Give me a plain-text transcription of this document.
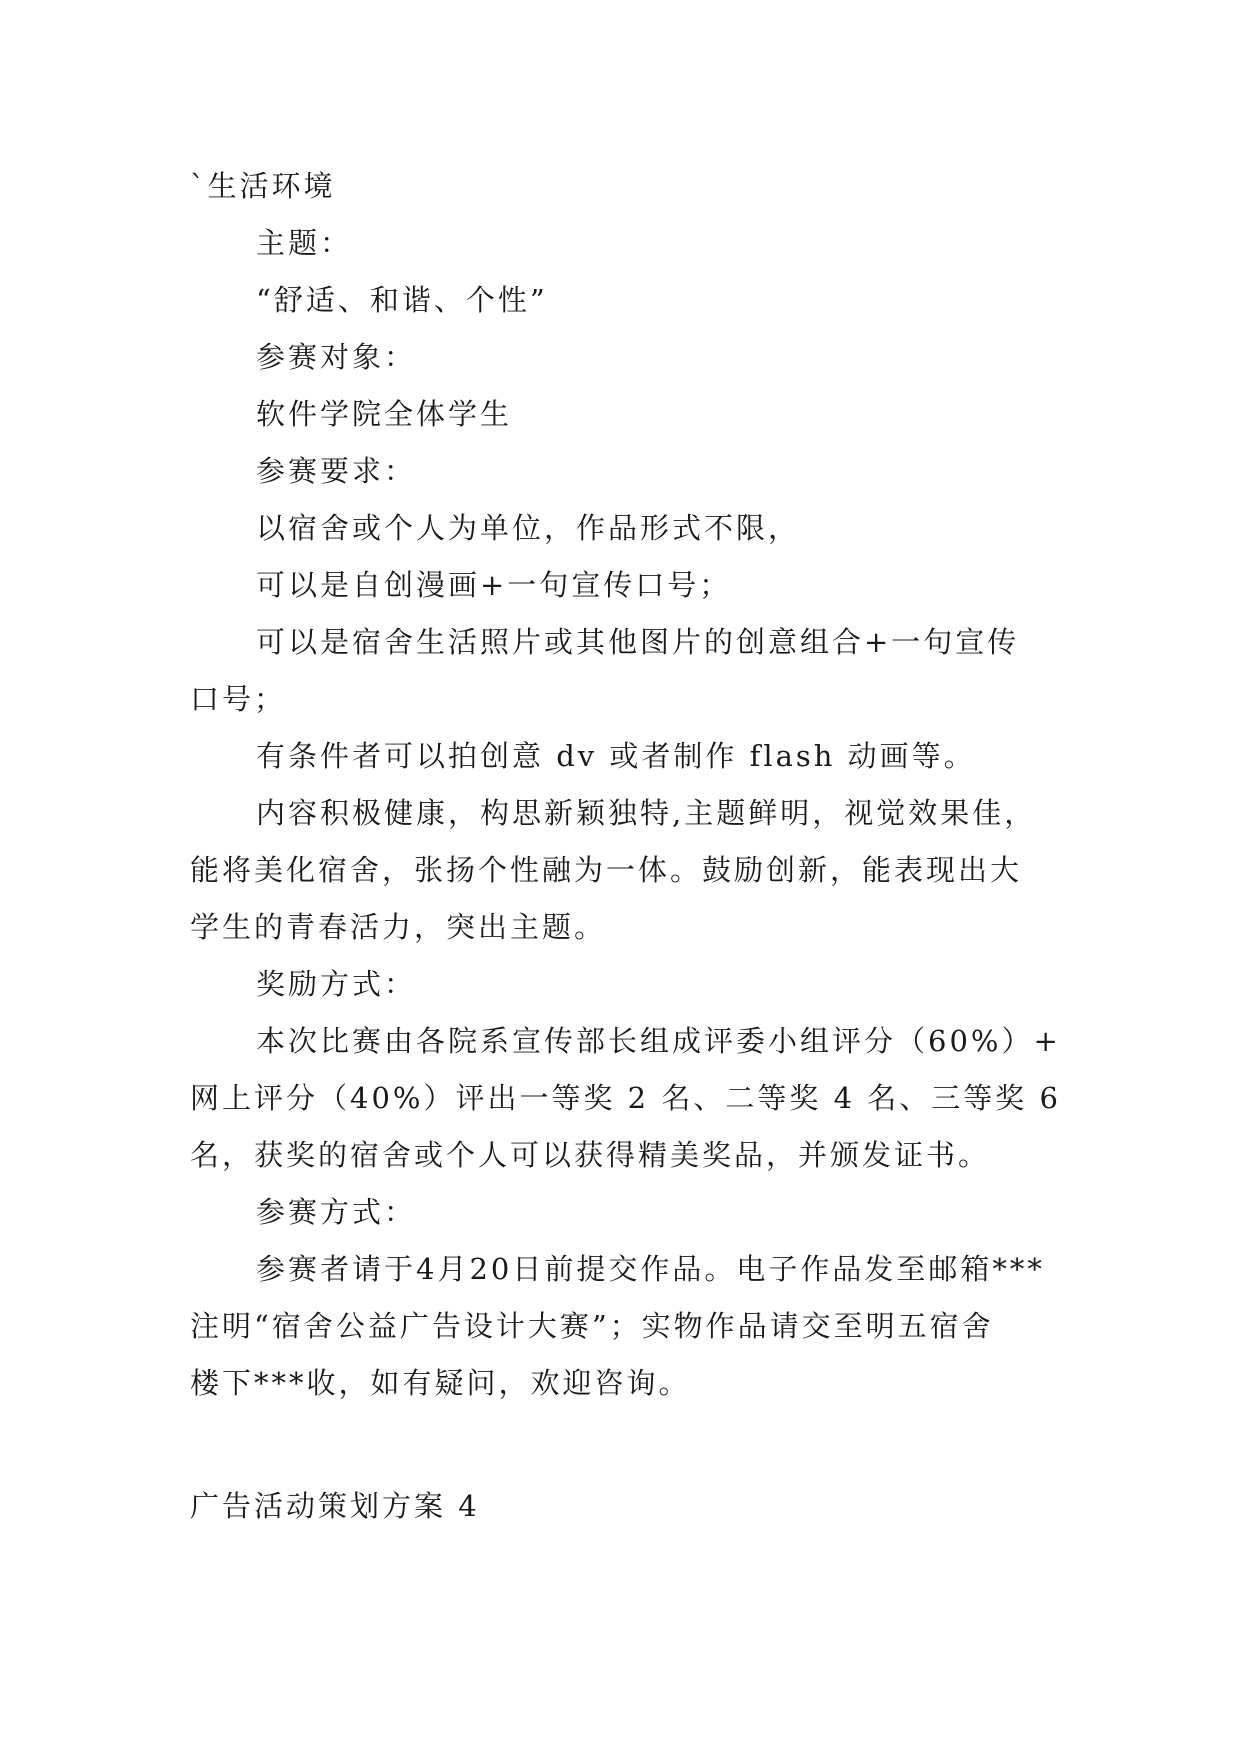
`生活环境
主题：
“舒适、和谐、个性”
参赛对象：
软件学院全体学生
参赛要求：
以宿舍或个人为单位，作品形式不限，
可以是自创漫画+一句宣传口号；
可以是宿舍生活照片或其他图片的创意组合+一句宣传
口号；
有条件者可以拍创意 dv 或者制作 flash 动画等。
内容积极健康，构思新颖独特,主题鲜明，视觉效果佳，
能将美化宿舍，张扬个性融为一体。鼓励创新，能表现出大
学生的青春活力，突出主题。
奖励方式：
本次比赛由各院系宣传部长组成评委小组评分（60%）+
网上评分（40%）评出一等奖 2 名、二等奖 4 名、三等奖 6
名，获奖的宿舍或个人可以获得精美奖品，并颁发证书。
参赛方式：
参赛者请于4月20日前提交作品。电子作品发至邮箱***
注明“宿舍公益广告设计大赛”；实物作品请交至明五宿舍
楼下***收，如有疑问，欢迎咨询。
广告活动策划方案 4
